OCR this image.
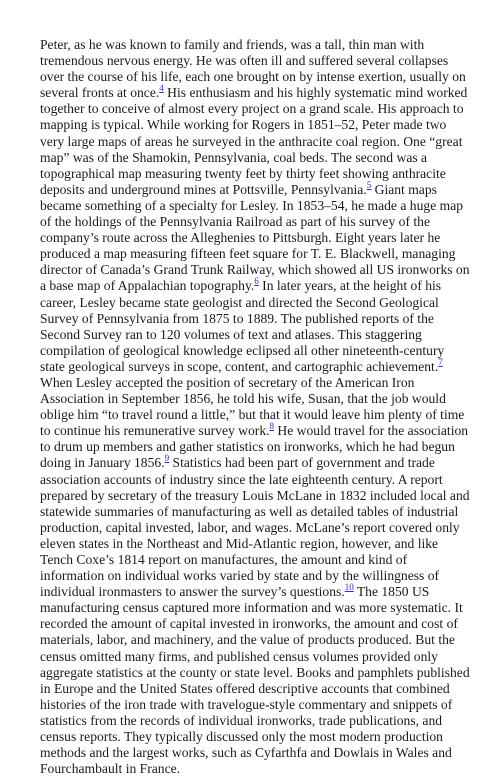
Peter, as he was known to family and friends, was a tall, thin man with tremendous nervous energy. He was often ill and suffered several collapses over the course of his life, each one brought on by intense exertion, usually on several fronts at once.$^4$ His enthusiasm and his highly systematic mind worked together to conceive of almost every project on a grand scale. His approach to mapping is typical. While working for Rogers in 1851–52, Peter made two very large maps of areas he surveyed in the anthracite coal region. One “great map” was of the Shamokin, Pennsylvania, coal beds. The second was a topographical map measuring twenty feet by thirty feet showing anthracite deposits and underground mines at Pottsville, Pennsylvania.$^5$ Giant maps became something of a specialty for Lesley. In 1853–54, he made a huge map of the holdings of the Pennsylvania Railroad as part of his survey of the company’s route across the Alleghenies to Pittsburgh. Eight years later he produced a map measuring fifteen feet square for T. E. Blackwell, managing director of Canada’s Grand Trunk Railway, which showed all US ironworks on a base map of Appalachian topography.$^6$ In later years, at the height of his career, Lesley became state geologist and directed the Second Geological Survey of Pennsylvania from 1875 to 1889. The published reports of the Second Survey ran to 120 volumes of text and atlases. This staggering compilation of geological knowledge eclipsed all other nineteenth-century state geological surveys in scope, content, and cartographic achievement.$^7$

When Lesley accepted the position of secretary of the American Iron Association in September 1856, he told his wife, Susan, that the job would oblige him “to travel round a little,” but that it would leave him plenty of time to continue his remunerative survey work.$^8$ He would travel for the association to drum up members and gather statistics on ironworks, which he had begun doing in January 1856.$^9$ Statistics had been part of government and trade association accounts of industry since the late eighteenth century. A report prepared by secretary of the treasury Louis McLane in 1832 included local and statewide summaries of manufacturing as well as detailed tables of industrial production, capital invested, labor, and wages. McLane’s report covered only eleven states in the Northeast and Mid-Atlantic region, however, and like Tench Coxe’s 1814 report on manufactures, the amount and kind of information on individual works varied by state and by the willingness of individual ironmasters to answer the survey’s questions.$^{10}$ The 1850 US manufacturing census captured more information and was more systematic. It recorded the amount of capital invested in ironworks, the amount and cost of materials, labor, and machinery, and the value of products produced. But the census omitted many firms, and published census volumes provided only aggregate statistics at the county or state level. Books and pamphlets published in Europe and the United States offered descriptive accounts that combined histories of the iron trade with travelogue-style commentary and snippets of statistics from the records of individual ironworks, trade publications, and census reports. They typically discussed only the most modern production methods and the largest works, such as Cyfarthfa and Dowlais in Wales and Fourchambault in France.
